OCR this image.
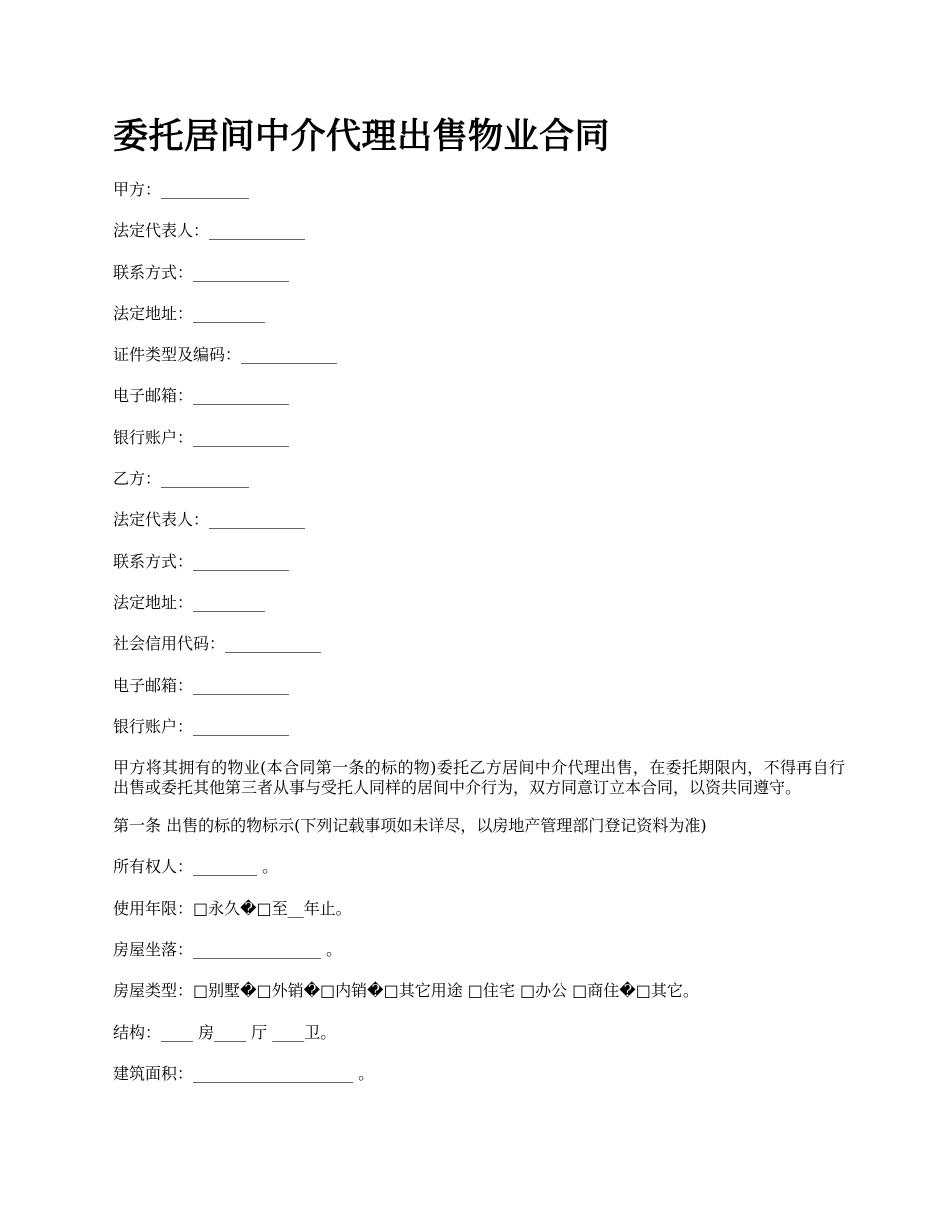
委托居间中介代理出售物业合同
甲方：___________
法定代表人：____________
联系方式：____________
法定地址：_________
证件类型及编码：____________
电子邮箱：____________
银行账户：____________
乙方：___________
法定代表人：____________
联系方式：____________
法定地址：_________
社会信用代码：____________
电子邮箱：____________
银行账户：____________

甲方将其拥有的物业(本合同第一条的标的物)委托乙方居间中介代理出售，在委托期限内，不得再自行出售或委托其他第三者从事与受托人同样的居间中介行为，双方同意订立本合同，以资共同遵守。

第一条 出售的标的物标示(下列记载事项如未详尽，以房地产管理部门登记资料为准)
所有权人：________ 。
使用年限：□永久�□至__年止。
房屋坐落：________________ 。
房屋类型：□别墅�□外销�□内销�□其它用途 □住宅 □办公 □商住�□其它。
结构：____ 房____ 厅 ____卫。
建筑面积：____________________ 。
